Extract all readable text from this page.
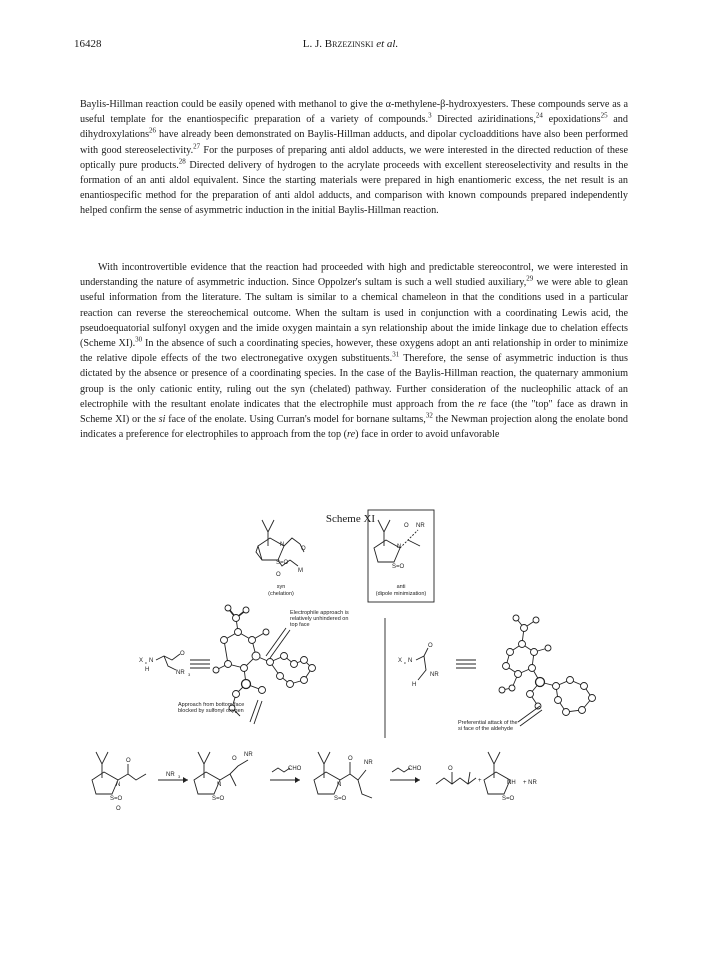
16428	L. J. Brzezinski et al.

Baylis-Hillman reaction could be easily opened with methanol to give the α-methylene-β-hydroxyesters. These compounds serve as a useful template for the enantiospecific preparation of a variety of compounds.$^3$ Directed aziridinations,$^{24}$ epoxidations$^{25}$ and dihydroxylations$^{26}$ have already been demonstrated on Baylis-Hillman adducts, and dipolar cycloadditions have also been performed with good stereoselectivity.$^{27}$ For the purposes of preparing anti aldol adducts, we were interested in the directed reduction of these optically pure products.$^{28}$ Directed delivery of hydrogen to the acrylate proceeds with excellent stereoselectivity and results in the formation of an anti aldol equivalent. Since the starting materials were prepared in high enantiomeric excess, the net result is an enantiospecific method for the preparation of anti aldol adducts, and comparison with known compounds prepared independently helped confirm the sense of asymmetric induction in the initial Baylis-Hillman reaction.

With incontrovertible evidence that the reaction had proceeded with high and predictable stereocontrol, we were interested in understanding the nature of asymmetric induction. Since Oppolzer's sultam is such a well studied auxiliary,$^{29}$ we were able to glean useful information from the literature. The sultam is similar to a chemical chameleon in that the conditions used in a particular reaction can reverse the stereochemical outcome. When the sultam is used in conjunction with a coordinating Lewis acid, the pseudoequatorial sulfonyl oxygen and the imide oxygen maintain a syn relationship about the imide linkage due to chelation effects (Scheme XI).$^{30}$ In the absence of such a coordinating species, however, these oxygens adopt an anti relationship in order to minimize the relative dipole effects of the two electronegative oxygen substituents.$^{31}$ Therefore, the sense of asymmetric induction is thus dictated by the absence or presence of a coordinating species. In the case of the Baylis-Hillman reaction, the quaternary ammonium group is the only cationic entity, ruling out the syn (chelated) pathway. Further consideration of the nucleophilic attack of an electrophile with the resultant enolate indicates that the electrophile must approach from the re face (the "top" face as drawn in Scheme XI) or the si face of the enolate. Using Curran's model for bornane sultams,$^{32}$ the Newman projection along the enolate bond indicates a preference for electrophiles to approach from the top (re) face in order to avoid unfavorable

Scheme XI
N
O
S=O
M
O
syn
(chelation)
N
O NR
S=O
anti
(dipole minimization)
X c N
H
O
NR 3
Electrophile approach is
relatively unhindered on
top face
Approach from bottom face
blocked by sulfonyl oxygen
X c N
O
NR
H
Preferential attack of the
si face of the aldehyde
N
O
S=O
O
NR 3
N
O
NR
S=O
CHO
N
O
NR
S=O
CHO	O
NH + NR
S=O
+
